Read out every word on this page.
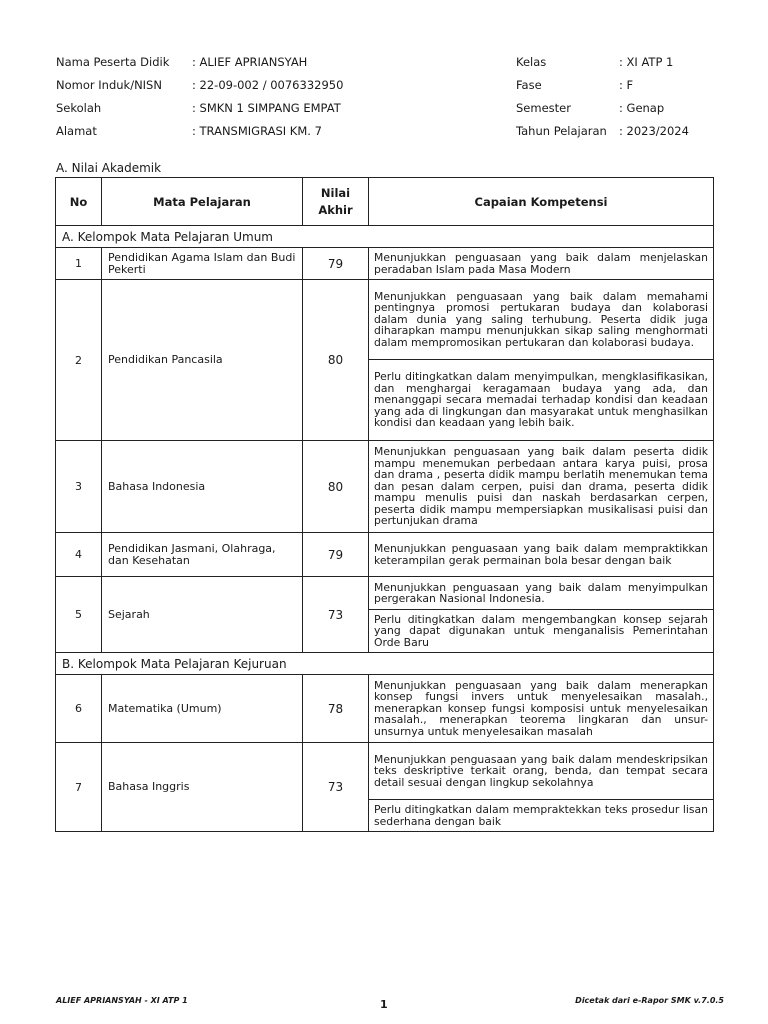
Nama Peserta Didik : ALIEF APRIANSYAH
Nomor Induk/NISN	: 22-09-002 / 0076332950
Sekolah	: SMKN 1 SIMPANG EMPAT
Alamat	: TRANSMIGRASI KM. 7
Kelas	: XI ATP 1
Fase	: F
Semester	: Genap
Tahun Pelajaran : 2023/2024
A. Nilai Akademik
No	Mata Pelajaran	Nilai Akhir	Capaian Kompetensi
A. Kelompok Mata Pelajaran Umum			
1	Pendidikan Agama Islam dan Budi Pekerti	79	Menunjukkan penguasaan yang baik dalam menjelaskan peradaban Islam pada Masa Modern
2	Pendidikan Pancasila	80	Menunjukkan penguasaan yang baik dalam memahami pentingnya promosi pertukaran budaya dan kolaborasi dalam dunia yang saling terhubung. Peserta didik juga diharapkan mampu menunjukkan sikap saling menghormati dalam mempromosikan pertukaran dan kolaborasi budaya.
			Perlu ditingkatkan dalam menyimpulkan, mengklasifikasikan, dan menghargai keragamaan budaya yang ada, dan menanggapi secara memadai terhadap kondisi dan keadaan yang ada di lingkungan dan masyarakat untuk menghasilkan kondisi dan keadaan yang lebih baik.
3	Bahasa Indonesia	80	Menunjukkan penguasaan yang baik dalam peserta didik mampu menemukan perbedaan antara karya puisi, prosa dan drama , peserta didik mampu berlatih menemukan tema dan pesan dalam cerpen, puisi dan drama, peserta didik mampu menulis puisi dan naskah berdasarkan cerpen, peserta didik mampu mempersiapkan musikalisasi puisi dan pertunjukan drama
4	Pendidikan Jasmani, Olahraga, dan Kesehatan	79	Menunjukkan penguasaan yang baik dalam mempraktikkan keterampilan gerak permainan bola besar dengan baik
5	Sejarah	73	Menunjukkan penguasaan yang baik dalam menyimpulkan pergerakan Nasional Indonesia.
			Perlu ditingkatkan dalam mengembangkan konsep sejarah yang dapat digunakan untuk menganalisis Pemerintahan Orde Baru
B. Kelompok Mata Pelajaran Kejuruan			
6	Matematika (Umum)	78	Menunjukkan penguasaan yang baik dalam menerapkan konsep fungsi invers untuk menyelesaikan masalah., menerapkan konsep fungsi komposisi untuk menyelesaikan masalah., menerapkan teorema lingkaran dan unsur-unsurnya untuk menyelesaikan masalah
7	Bahasa Inggris	73	Menunjukkan penguasaan yang baik dalam mendeskripsikan teks deskriptive terkait orang, benda, dan tempat secara detail sesuai dengan lingkup sekolahnya
			Perlu ditingkatkan dalam mempraktekkan teks prosedur lisan sederhana dengan baik
ALIEF APRIANSYAH - XI ATP 1	1	Dicetak dari e-Rapor SMK v.7.0.5
